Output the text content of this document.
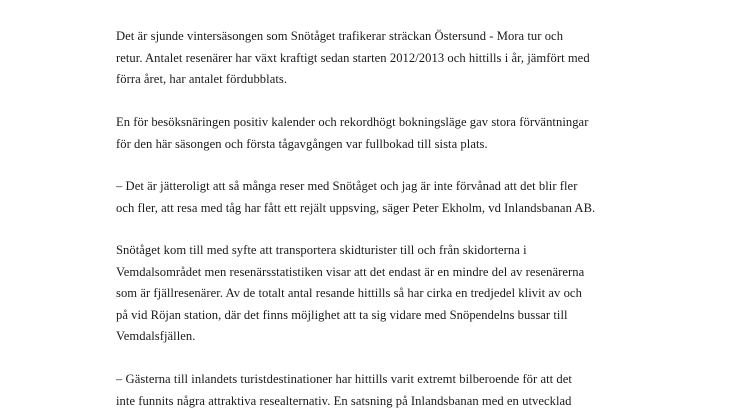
Det är sjunde vintersäsongen som Snötåget trafikerar sträckan Östersund - Mora tur och
retur. Antalet resenärer har växt kraftigt sedan starten 2012/2013 och hittills i år, jämfört med
förra året, har antalet fördubblats.

En för besöksnäringen positiv kalender och rekordhögt bokningsläge gav stora förväntningar
för den här säsongen och första tågavgången var fullbokad till sista plats.

– Det är jätteroligt att så många reser med Snötåget och jag är inte förvånad att det blir fler
och fler, att resa med tåg har fått ett rejält uppsving, säger Peter Ekholm, vd Inlandsbanan AB.

Snötåget kom till med syfte att transportera skidturister till och från skidorterna i
Vemdalsområdet men resenärsstatistiken visar att det endast är en mindre del av resenärerna
som är fjällresenärer. Av de totalt antal resande hittills så har cirka en tredjedel klivit av och
på vid Röjan station, där det finns möjlighet att ta sig vidare med Snöpendelns bussar till
Vemdalsfjällen.

– Gästerna till inlandets turistdestinationer har hittills varit extremt bilberoende för att det
inte funnits några attraktiva resealternativ. En satsning på Inlandsbanan med en utvecklad
